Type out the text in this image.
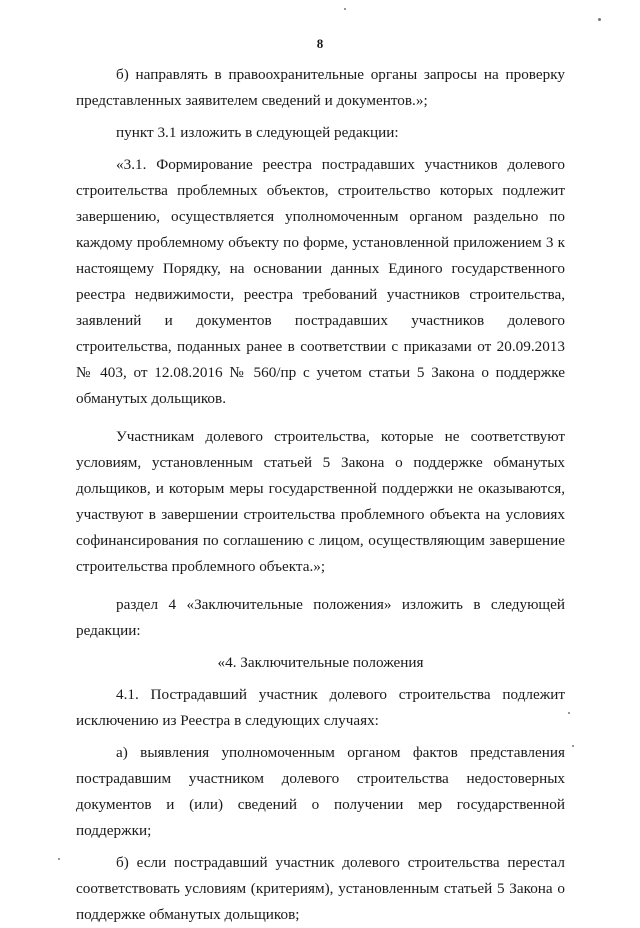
8

б) направлять в правоохранительные органы запросы на проверку представленных заявителем сведений и документов.»;

пункт 3.1 изложить в следующей редакции:

«3.1. Формирование реестра пострадавших участников долевого строительства проблемных объектов, строительство которых подлежит завершению, осуществляется уполномоченным органом раздельно по каждому проблемному объекту по форме, установленной приложением 3 к настоящему Порядку, на основании данных Единого государственного реестра недвижимости, реестра требований участников строительства, заявлений и документов пострадавших участников долевого строительства, поданных ранее в соответствии с приказами от 20.09.2013 № 403, от 12.08.2016 № 560/пр с учетом статьи 5 Закона о поддержке обманутых дольщиков.

Участникам долевого строительства, которые не соответствуют условиям, установленным статьей 5 Закона о поддержке обманутых дольщиков, и которым меры государственной поддержки не оказываются, участвуют в завершении строительства проблемного объекта на условиях софинансирования по соглашению с лицом, осуществляющим завершение строительства проблемного объекта.»;

раздел 4 «Заключительные положения» изложить в следующей редакции:

«4. Заключительные положения

4.1. Пострадавший участник долевого строительства подлежит исключению из Реестра в следующих случаях:

а) выявления уполномоченным органом фактов представления пострадавшим участником долевого строительства недостоверных документов и (или) сведений о получении мер государственной поддержки;

б) если пострадавший участник долевого строительства перестал соответствовать условиям (критериям), установленным статьей 5 Закона о поддержке обманутых дольщиков;
